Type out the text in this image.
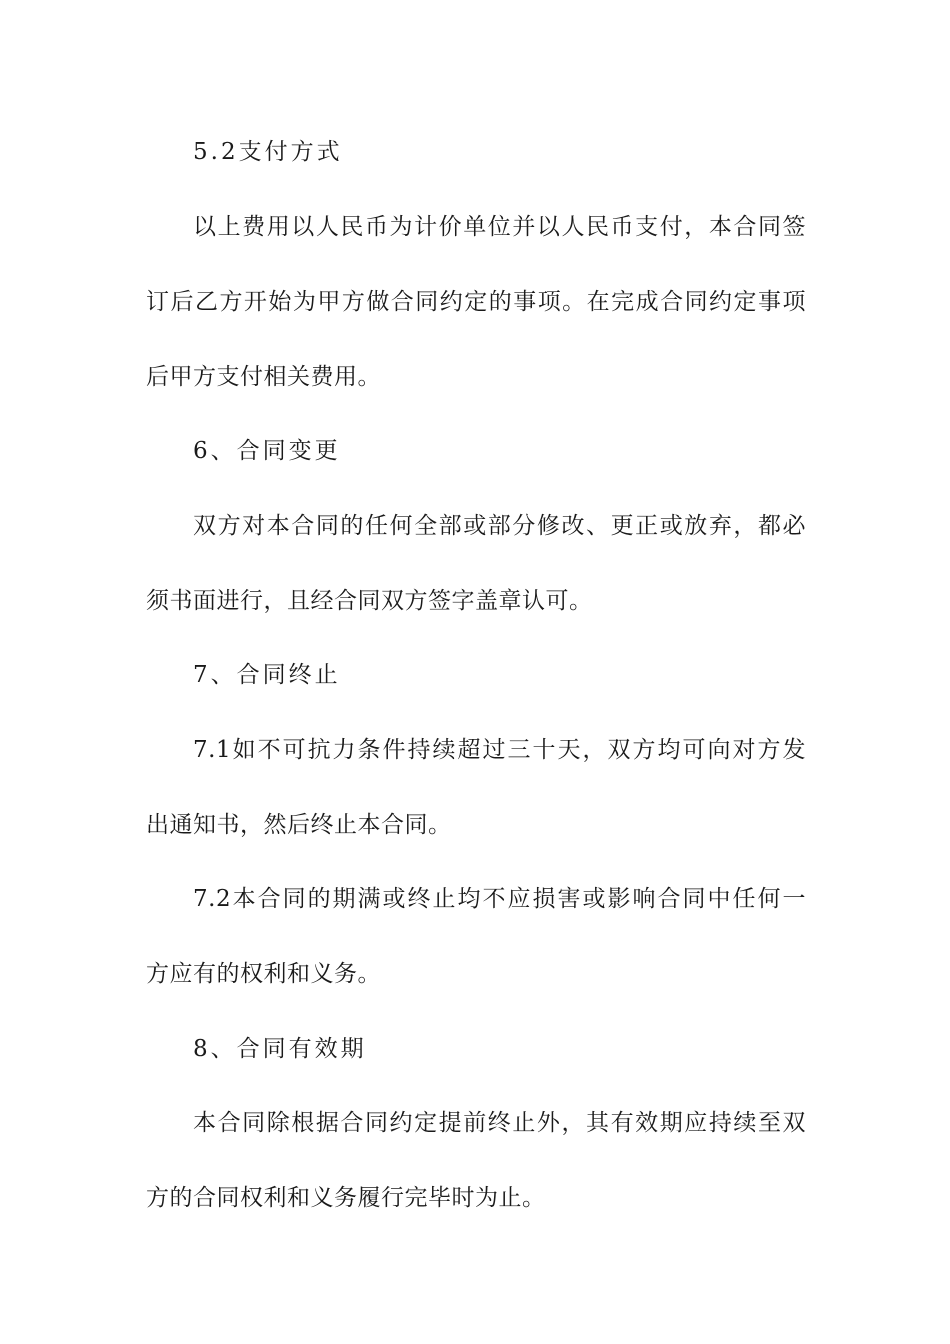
5.2支付方式
以上费用以人民币为计价单位并以人民币支付，本合同签
订后乙方开始为甲方做合同约定的事项。在完成合同约定事项
后甲方支付相关费用。
6、合同变更
双方对本合同的任何全部或部分修改、更正或放弃，都必
须书面进行，且经合同双方签字盖章认可。
7、合同终止
7.1如不可抗力条件持续超过三十天，双方均可向对方发
出通知书，然后终止本合同。
7.2本合同的期满或终止均不应损害或影响合同中任何一
方应有的权利和义务。
8、合同有效期
本合同除根据合同约定提前终止外，其有效期应持续至双
方的合同权利和义务履行完毕时为止。
